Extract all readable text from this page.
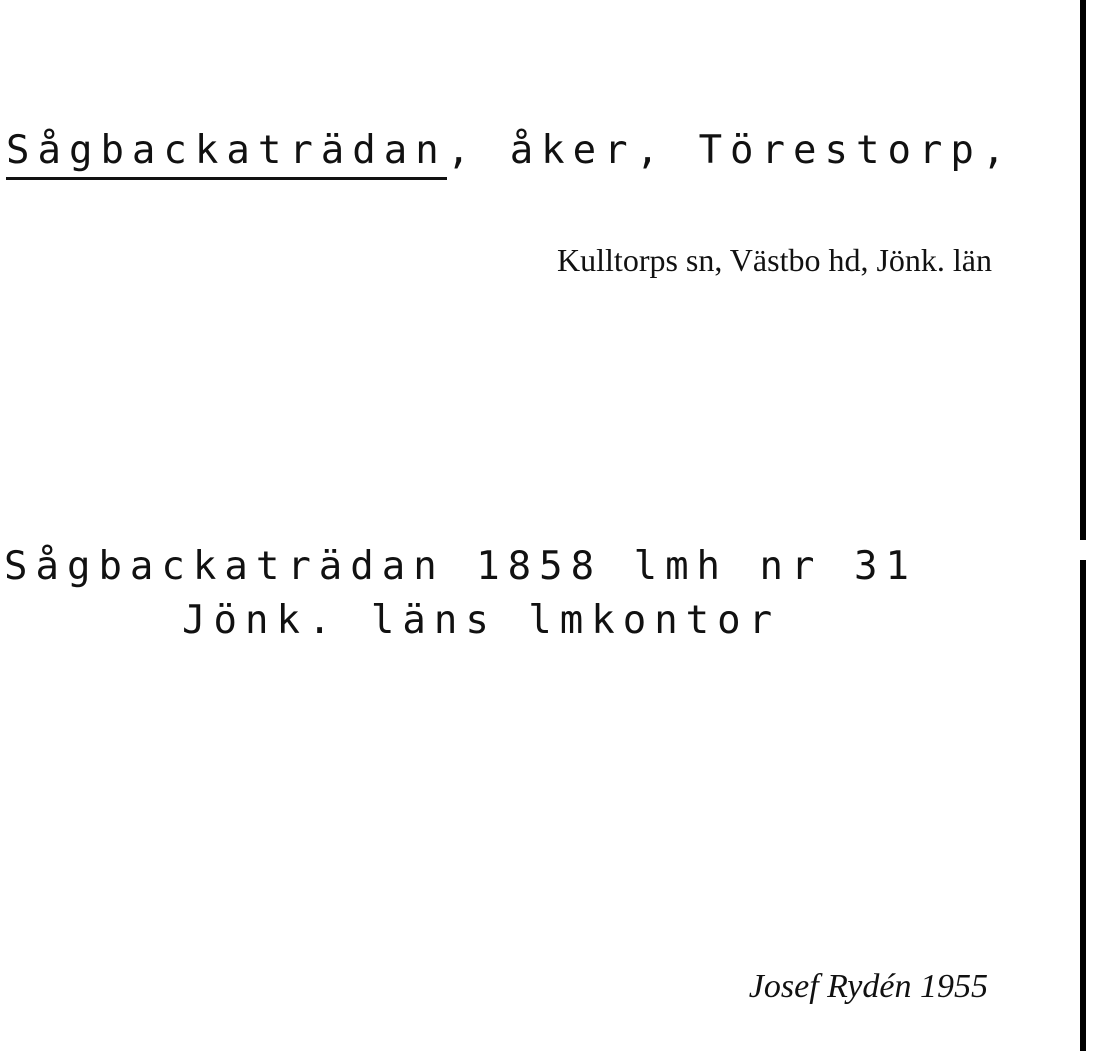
Sågbackaträdan, åker, Törestorp,
Kulltorps sn, Västbo hd, Jönk. län
Sågbackaträdan 1858 lmh nr 31
Jönk. läns lmkontor
Josef Rydén 1955
